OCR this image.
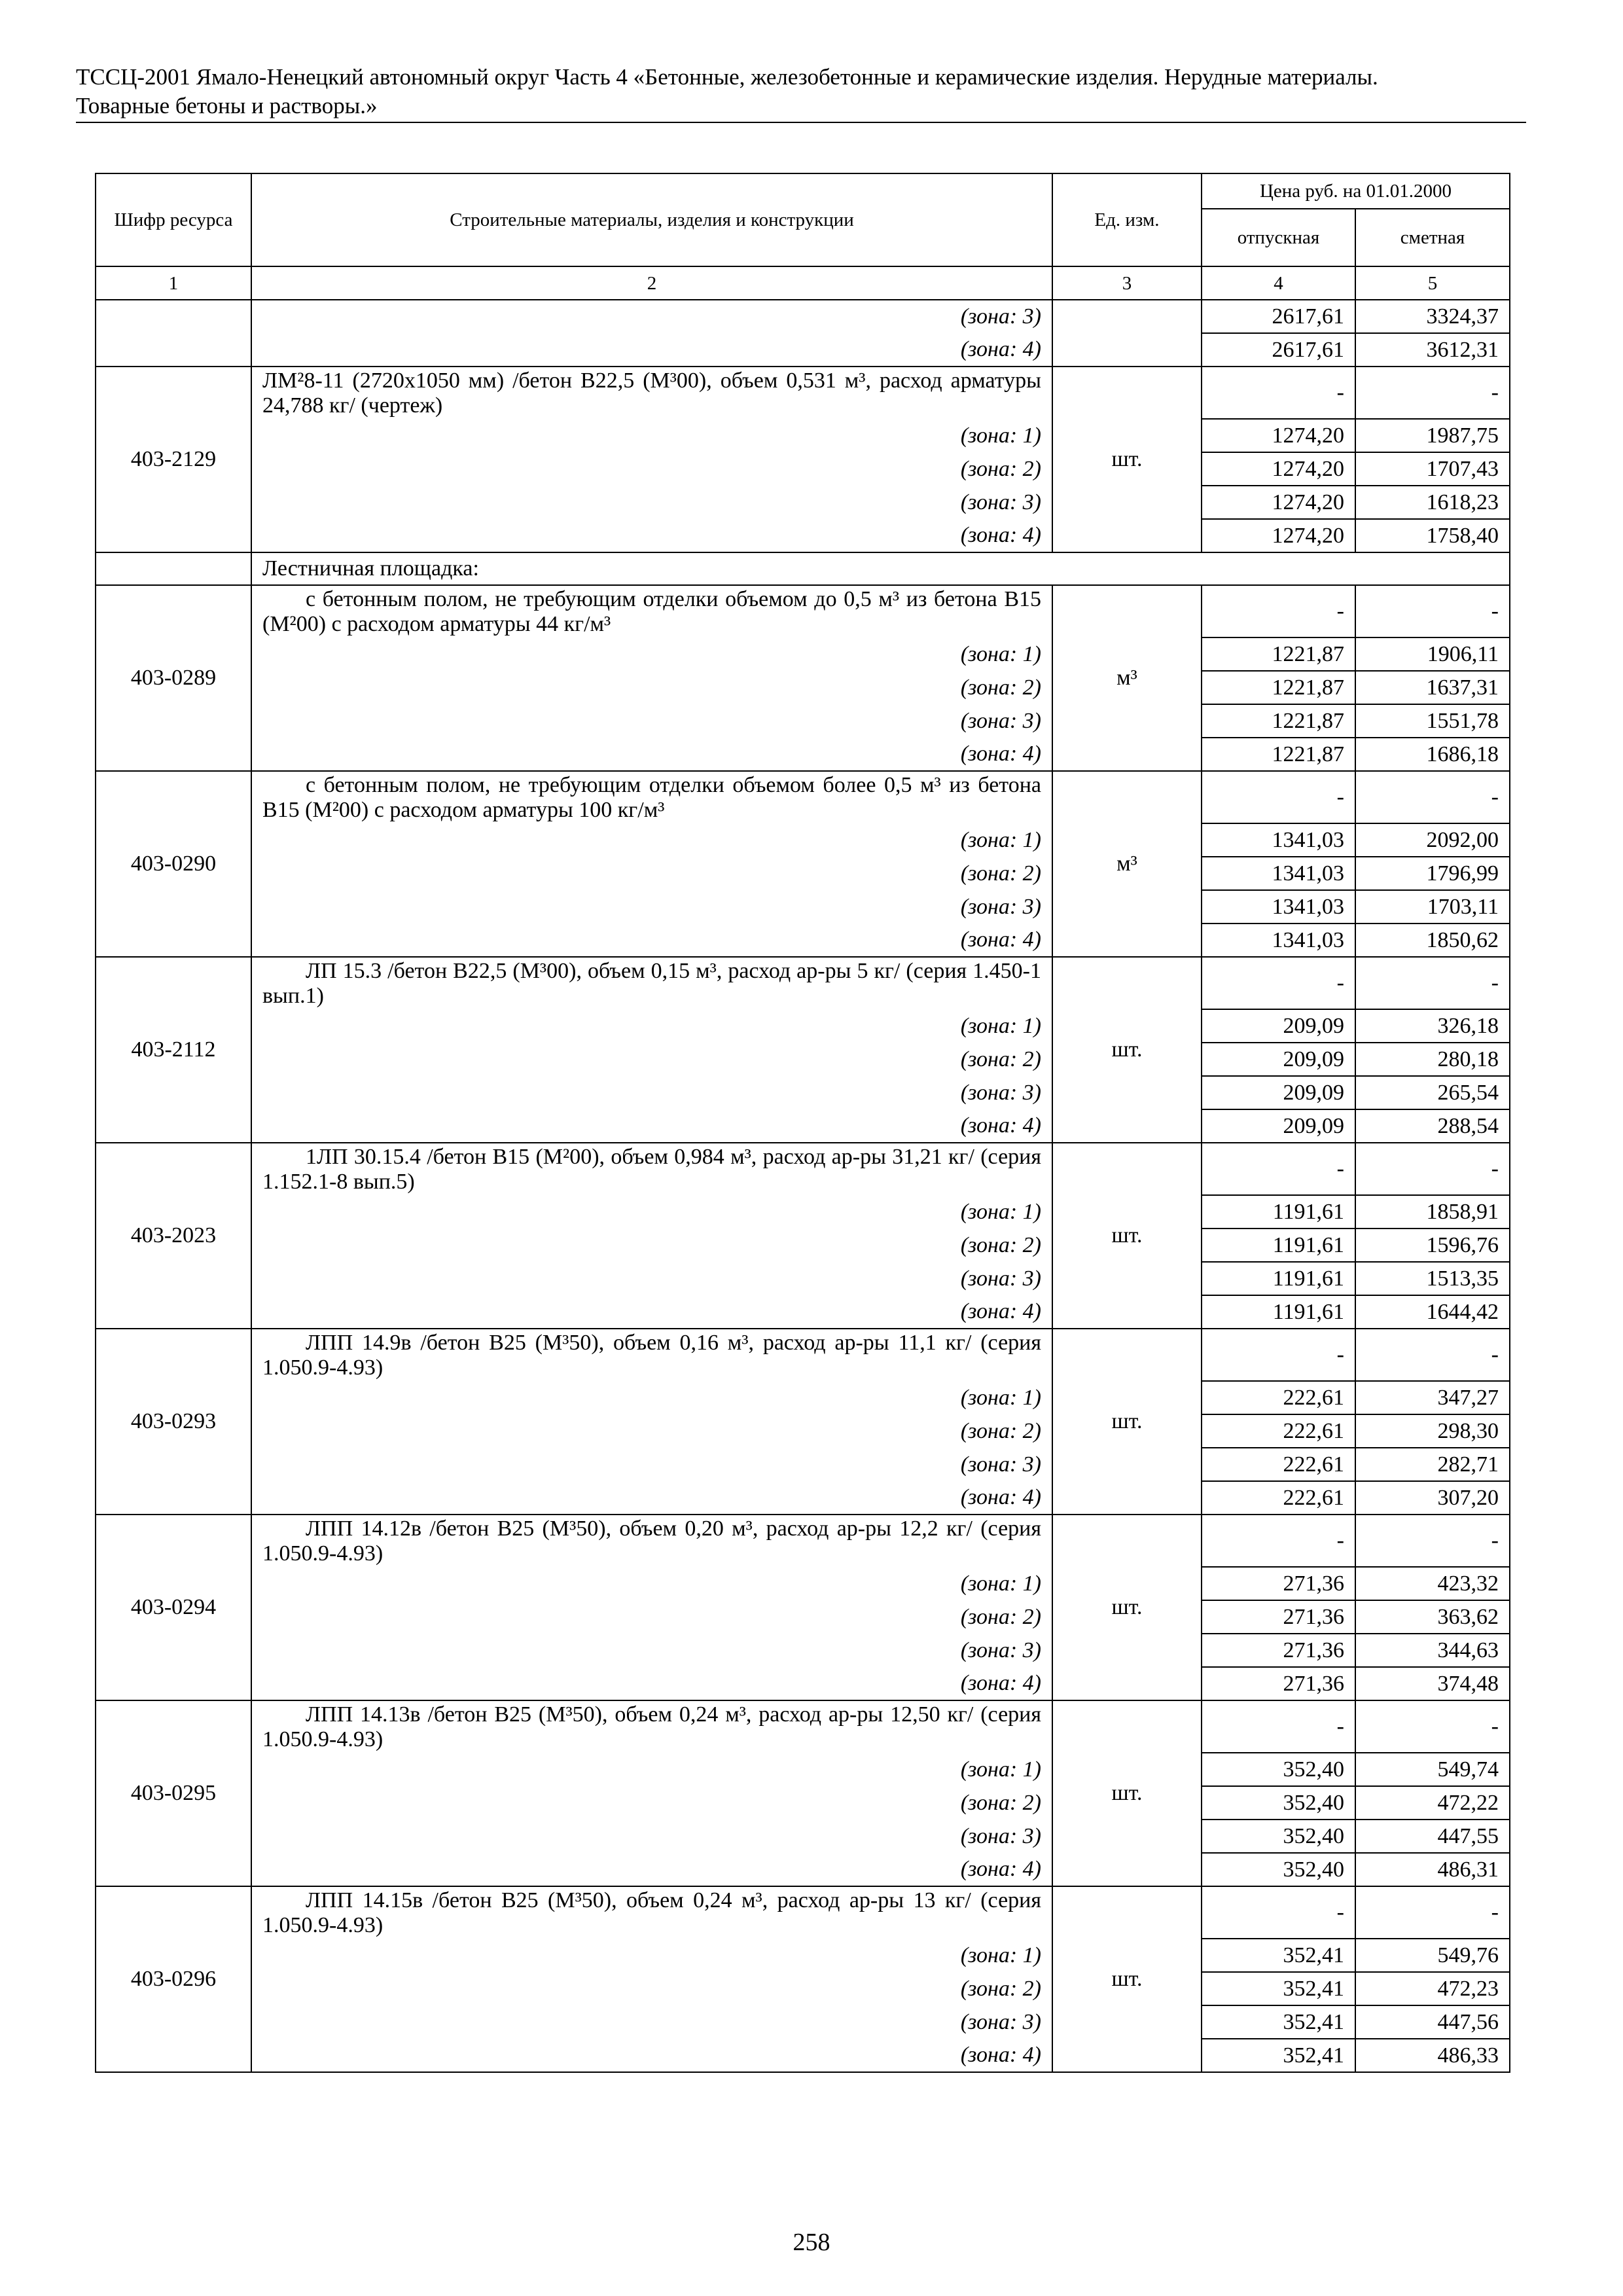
ТССЦ-2001 Ямало-Ненецкий автономный округ Часть 4 «Бетонные, железобетонные и керамические изделия. Нерудные материалы.
Товарные бетоны и растворы.»
Шифр ресурса	Строительные материалы, изделия и конструкции	Ед. изм.	Цена руб. на 01.01.2000	
			отпускная	сметная
1	2	3	4	5
	(зона: 3)		2617,61	3324,37
	(зона: 4)		2617,61	3612,31
403-2129	ЛМ²8-11 (2720х1050 мм) /бетон В22,5 (М³00), объем 0,531 м³, расход арматуры 24,788 кг/ (чертеж)	шт.	-	-
	(зона: 1)		1274,20	1987,75
	(зона: 2)		1274,20	1707,43
	(зона: 3)		1274,20	1618,23
	(зона: 4)		1274,20	1758,40
	Лестничная площадка:			
403-0289	с бетонным полом, не требующим отделки объемом до 0,5 м³ из бетона В15 (М²00) с расходом арматуры 44 кг/м³	м³	-	-
	(зона: 1)		1221,87	1906,11
	(зона: 2)		1221,87	1637,31
	(зона: 3)		1221,87	1551,78
	(зона: 4)		1221,87	1686,18
403-0290	с бетонным полом, не требующим отделки объемом более 0,5 м³ из бетона В15 (М²00) с расходом арматуры 100 кг/м³	м³	-	-
	(зона: 1)		1341,03	2092,00
	(зона: 2)		1341,03	1796,99
	(зона: 3)		1341,03	1703,11
	(зона: 4)		1341,03	1850,62
403-2112	ЛП 15.3 /бетон В22,5 (М³00), объем 0,15 м³, расход ар-ры 5 кг/ (серия 1.450-1 вып.1)	шт.	-	-
	(зона: 1)		209,09	326,18
	(зона: 2)		209,09	280,18
	(зона: 3)		209,09	265,54
	(зона: 4)		209,09	288,54
403-2023	1ЛП 30.15.4 /бетон В15 (М²00), объем 0,984 м³, расход ар-ры 31,21 кг/ (серия 1.152.1-8 вып.5)	шт.	-	-
	(зона: 1)		1191,61	1858,91
	(зона: 2)		1191,61	1596,76
	(зона: 3)		1191,61	1513,35
	(зона: 4)		1191,61	1644,42
403-0293	ЛПП 14.9в /бетон В25 (М³50), объем 0,16 м³, расход ар-ры 11,1 кг/ (серия 1.050.9-4.93)	шт.	-	-
	(зона: 1)		222,61	347,27
	(зона: 2)		222,61	298,30
	(зона: 3)		222,61	282,71
	(зона: 4)		222,61	307,20
403-0294	ЛПП 14.12в /бетон В25 (М³50), объем 0,20 м³, расход ар-ры 12,2 кг/ (серия 1.050.9-4.93)	шт.	-	-
	(зона: 1)		271,36	423,32
	(зона: 2)		271,36	363,62
	(зона: 3)		271,36	344,63
	(зона: 4)		271,36	374,48
403-0295	ЛПП 14.13в /бетон В25 (М³50), объем 0,24 м³, расход ар-ры 12,50 кг/ (серия 1.050.9-4.93)	шт.	-	-
	(зона: 1)		352,40	549,74
	(зона: 2)		352,40	472,22
	(зона: 3)		352,40	447,55
	(зона: 4)		352,40	486,31
403-0296	ЛПП 14.15в /бетон В25 (М³50), объем 0,24 м³, расход ар-ры 13 кг/ (серия 1.050.9-4.93)	шт.	-	-
	(зона: 1)		352,41	549,76
	(зона: 2)		352,41	472,23
	(зона: 3)		352,41	447,56
	(зона: 4)		352,41	486,33
258
